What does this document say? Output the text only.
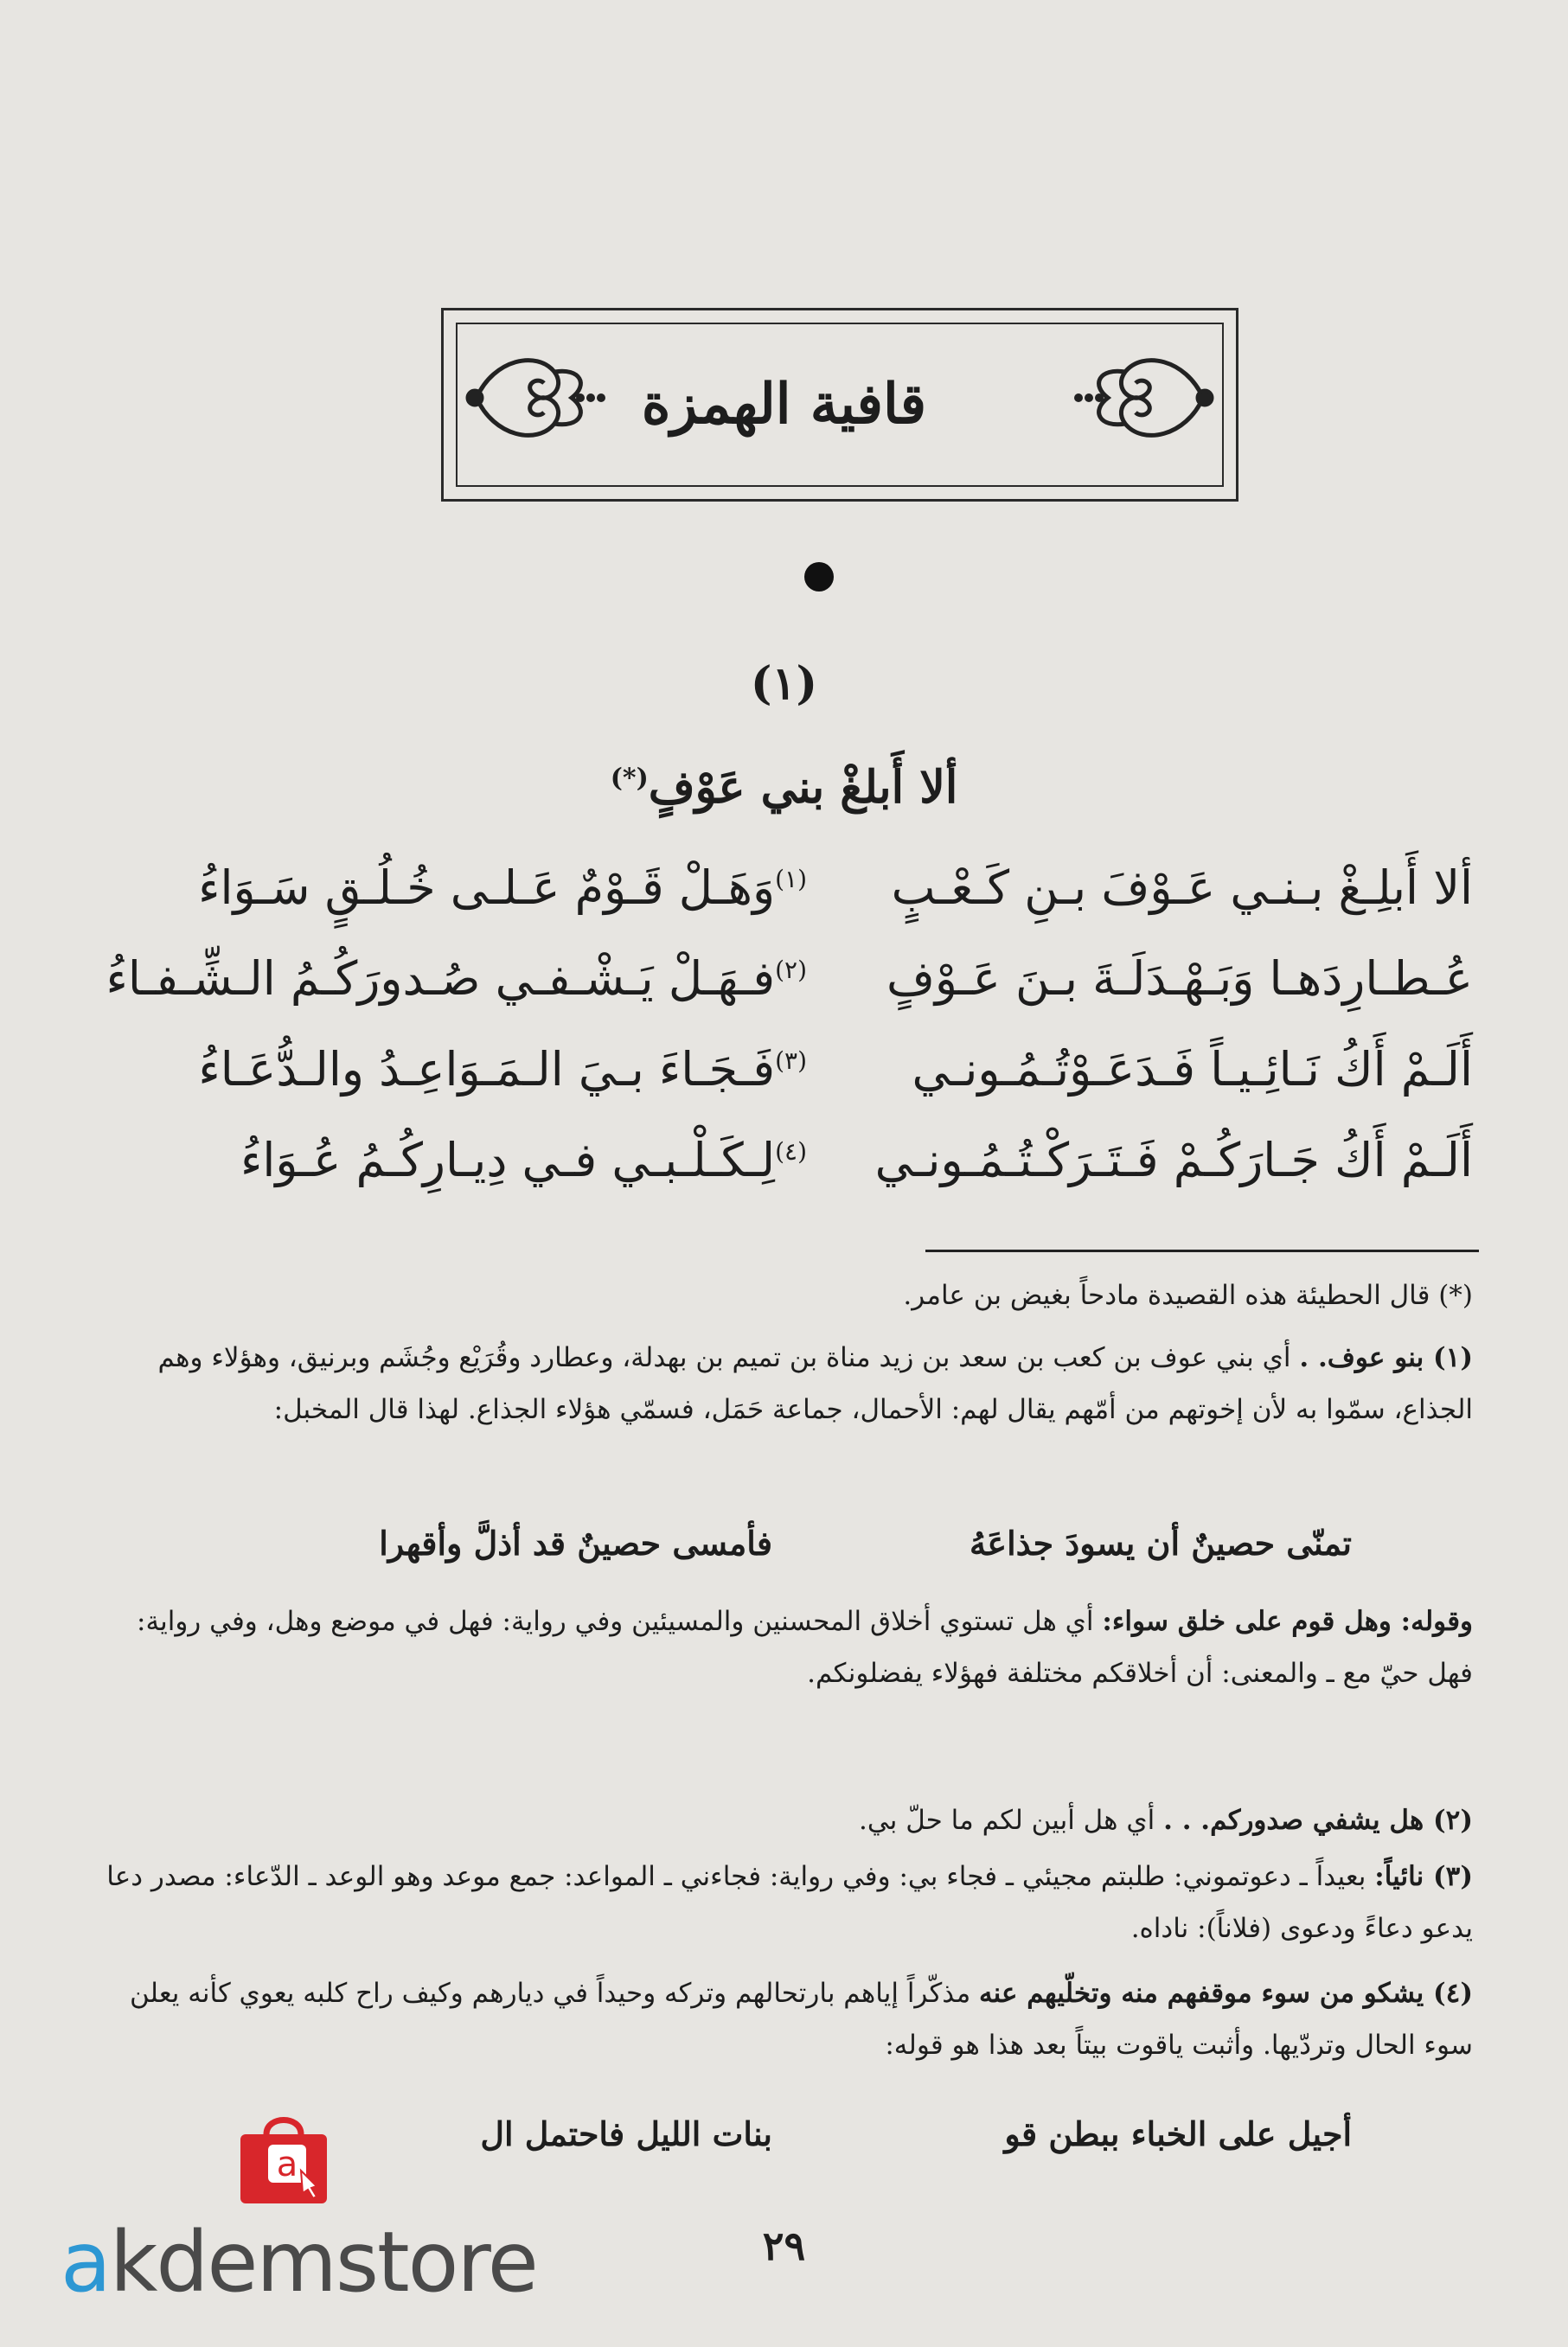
قافية الهمزة
(١)
ألا أَبلغْ بني عَوْفٍ(*)
ألا أَبلِـغْ بـنـي عَـوْفَ بـنِ كَـعْـبٍ
$^{(١)}$وَهَـلْ قَـوْمٌ عَـلـى خُـلُـقٍ سَـوَاءُ
عُـطـارِدَهـا وَبَـهْـدَلَـةَ بـنَ عَـوْفٍ
$^{(٢)}$فـهَـلْ يَـشْـفـي صُـدورَكُـمُ الـشِّـفـاءُ
أَلَـمْ أَكُ نَـائِـيـاً فَـدَعَـوْتُـمُـونـي
$^{(٣)}$فَـجَـاءَ بـيَ الـمَـوَاعِـدُ والـدُّعَـاءُ
أَلَـمْ أَكُ جَـارَكُـمْ فَـتَـرَكْـتُـمُـونـي
$^{(٤)}$لِـكَـلْـبـي فـي دِيـارِكُـمُ عُـوَاءُ
(*) قال الحطيئة هذه القصيدة مادحاً بغيض بن عامر.
(١) بنو عوف. . أي بني عوف بن كعب بن سعد بن زيد مناة بن تميم بن بهدلة، وعطارد وقُرَيْع وجُشَم وبرنيق، وهؤلاء وهم الجذاع، سمّوا به لأن إخوتهم من أمّهم يقال لهم: الأحمال، جماعة حَمَل، فسمّي هؤلاء الجذاع. لهذا قال المخبل:
تمنّى حصينٌ أن يسودَ جذاعَهُ
فأمسى حصينٌ قد أذلَّ وأقهرا
وقوله: وهل قوم على خلق سواء: أي هل تستوي أخلاق المحسنين والمسيئين وفي رواية: فهل في موضع وهل، وفي رواية: فهل حيّ مع ـ والمعنى: أن أخلاقكم مختلفة فهؤلاء يفضلونكم.
(٢) هل يشفي صدوركم. . . أي هل أبين لكم ما حلّ بي.
(٣) نائياً: بعيداً ـ دعوتموني: طلبتم مجيئي ـ فجاء بي: وفي رواية: فجاءني ـ المواعد: جمع موعد وهو الوعد ـ الدّعاء: مصدر دعا يدعو دعاءً ودعوى (فلاناً): ناداه.
(٤) يشكو من سوء موقفهم منه وتخلّيهم عنه مذكّراً إياهم بارتحالهم وتركه وحيداً في ديارهم وكيف راح كلبه يعوي كأنه يعلن سوء الحال وتردّيها. وأثبت ياقوت بيتاً بعد هذا هو قوله:
أجيل على الخباء ببطن قو
بنات الليل فاحتمل ال
٢٩
a
akdemstore
